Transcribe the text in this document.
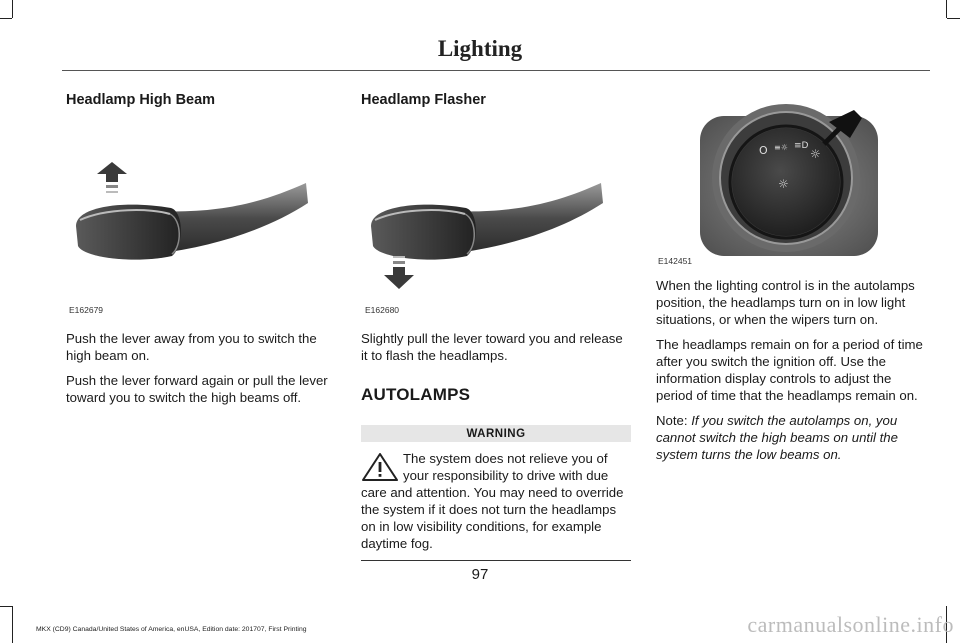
Lighting
Headlamp High Beam
E162679

Push the lever away from you to switch the high beam on.

Push the lever forward again or pull the lever toward you to switch the high beams off.

Headlamp Flasher
E162680

Slightly pull the lever toward you and release it to flash the headlamps.

AUTOLAMPS
WARNING
The system does not relieve you of your responsibility to drive with due care and attention. You may need to override the system if it does not turn the headlamps on in low visibility conditions, for example daytime fog.
O ≡☼ ≡D
☼
☼
E142451

When the lighting control is in the autolamps position, the headlamps turn on in low light situations, or when the wipers turn on.

The headlamps remain on for a period of time after you switch the ignition off. Use the information display controls to adjust the period of time that the headlamps remain on.

Note: If you switch the autolamps on, you cannot switch the high beams on until the system turns the low beams on.

97
MKX (CD9) Canada/United States of America, enUSA, Edition date: 201707, First Printing	carmanualsonline.info
